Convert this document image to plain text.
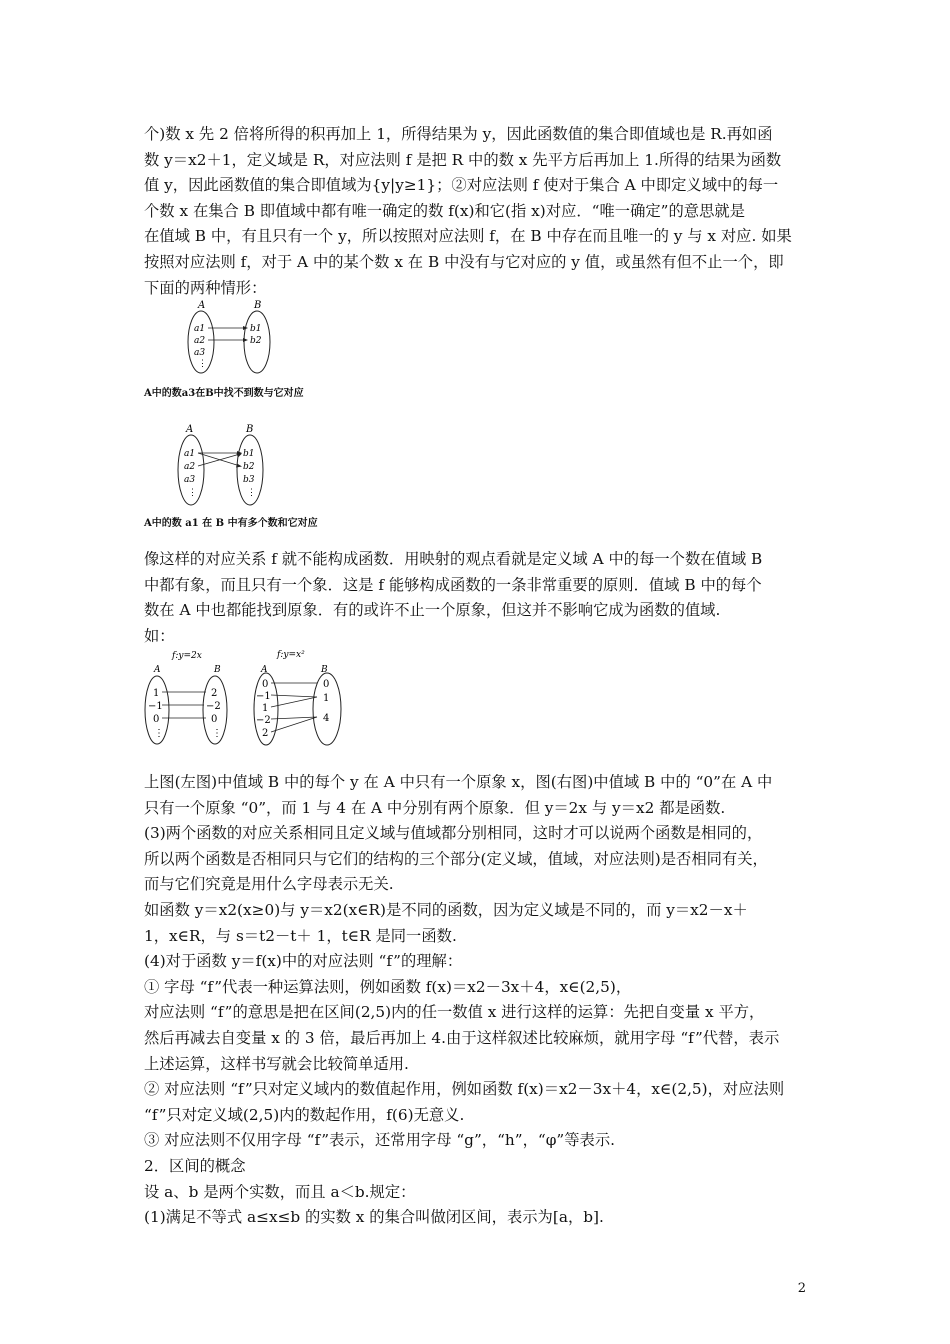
个)数 x 先 2 倍将所得的积再加上 1，所得结果为 y，因此函数值的集合即值域也是 R.再如函
数 y＝x2＋1，定义域是 R，对应法则 f 是把 R 中的数 x 先平方后再加上 1.所得的结果为函数
值 y，因此函数值的集合即值域为{y|y≥1}；②对应法则 f 使对于集合 A 中即定义域中的每一
个数 x 在集合 B 即值域中都有唯一确定的数 f(x)和它(指 x)对应．“唯一确定”的意思就是
在值域 B 中，有且只有一个 y，所以按照对应法则 f，在 B 中存在而且唯一的 y 与 x 对应. 如果
按照对应法则 f，对于 A 中的某个数 x 在 B 中没有与它对应的 y 值，或虽然有但不止一个，即
下面的两种情形：
A	B
a1
a2
a3
⋮
b1
b2
A中的数a3在B中找不到数与它对应
A	B
a1
a2
a3
⋮
b1
b2
b3
⋮
A中的数 a1 在 B 中有多个数和它对应
像这样的对应关系 f 就不能构成函数．用映射的观点看就是定义域 A 中的每一个数在值域 B
中都有象，而且只有一个象．这是 f 能够构成函数的一条非常重要的原则．值域 B 中的每个
数在 A 中也都能找到原象．有的或许不止一个原象，但这并不影响它成为函数的值域.
如：
f:y=2x
A	B
1
−1
0
⋮
2
−2
0
⋮
f:y=x²
A	B
0
−1
1
−2
2
0
1
4
上图(左图)中值域 B 中的每个 y 在 A 中只有一个原象 x，图(右图)中值域 B 中的 “0”在 A 中
只有一个原象 “0”，而 1 与 4 在 A 中分别有两个原象．但 y＝2x 与 y＝x2 都是函数.
(3)两个函数的对应关系相同且定义域与值域都分别相同，这时才可以说两个函数是相同的，
所以两个函数是否相同只与它们的结构的三个部分(定义域，值域，对应法则)是否相同有关，
而与它们究竟是用什么字母表示无关.
如函数 y＝x2(x≥0)与 y＝x2(x∈R)是不同的函数，因为定义域是不同的，而 y＝x2－x＋
1，x∈R，与 s＝t2－t＋ 1，t∈R 是同一函数.
(4)对于函数 y＝f(x)中的对应法则 “f”的理解：
① 字母 “f”代表一种运算法则，例如函数 f(x)＝x2－3x＋4，x∈(2,5)，
对应法则 “f”的意思是把在区间(2,5)内的任一数值 x 进行这样的运算：先把自变量 x 平方，
然后再减去自变量 x 的 3 倍，最后再加上 4.由于这样叙述比较麻烦，就用字母 “f”代替，表示
上述运算，这样书写就会比较简单适用.
② 对应法则 “f”只对定义域内的数值起作用，例如函数 f(x)＝x2－3x＋4，x∈(2,5)，对应法则
“f”只对定义域(2,5)内的数起作用，f(6)无意义.
③ 对应法则不仅用字母 “f”表示，还常用字母 “g”，“h”，“φ”等表示.
2．区间的概念
设 a、b 是两个实数，而且 a＜b.规定：
(1)满足不等式 a≤x≤b 的实数 x 的集合叫做闭区间，表示为[a，b].
2
